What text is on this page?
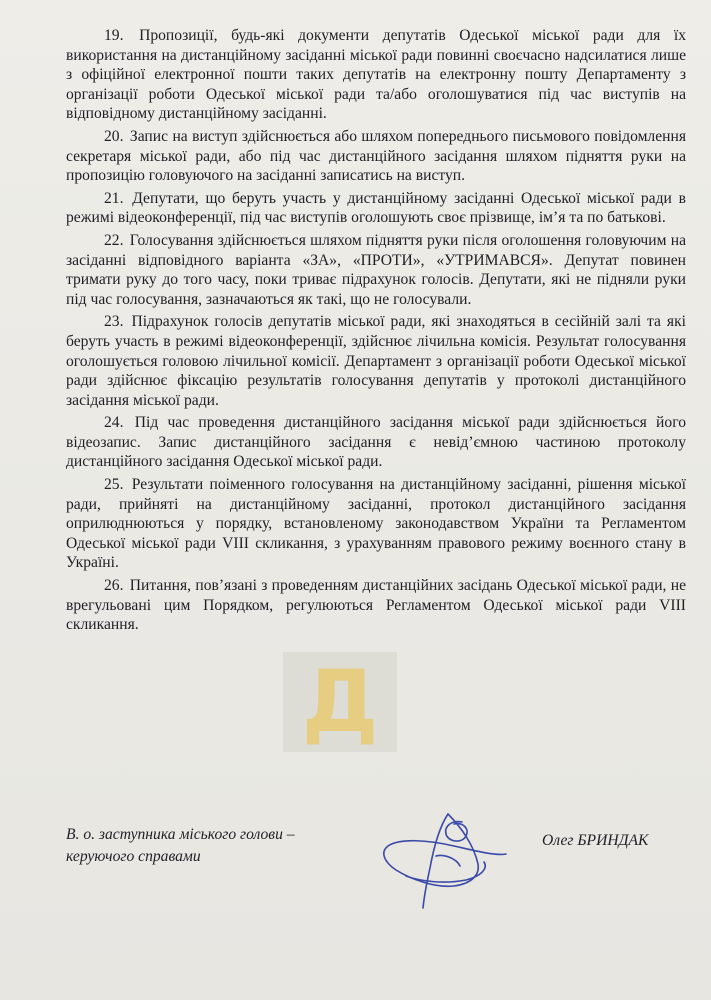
19. Пропозиції, будь-які документи депутатів Одеської міської ради для їх використання на дистанційному засіданні міської ради повинні своєчасно надсилатися лише з офіційної електронної пошти таких депутатів на електронну пошту Департаменту з організації роботи Одеської міської ради та/або оголошуватися під час виступів на відповідному дистанційному засіданні.

20. Запис на виступ здійснюється або шляхом попереднього письмового повідомлення секретаря міської ради, або під час дистанційного засідання шляхом підняття руки на пропозицію головуючого на засіданні записатись на виступ.

21. Депутати, що беруть участь у дистанційному засіданні Одеської міської ради в режимі відеоконференції, під час виступів оголошують своє прізвище, ім’я та по батькові.

22. Голосування здійснюється шляхом підняття руки після оголошення головуючим на засіданні відповідного варіанта «ЗА», «ПРОТИ», «УТРИМАВСЯ». Депутат повинен тримати руку до того часу, поки триває підрахунок голосів. Депутати, які не підняли руки під час голосування, зазначаються як такі, що не голосували.

23. Підрахунок голосів депутатів міської ради, які знаходяться в сесійній залі та які беруть участь в режимі відеоконференції, здійснює лічильна комісія. Результат голосування оголошується головою лічильної комісії. Департамент з організації роботи Одеської міської ради здійснює фіксацію результатів голосування депутатів у протоколі дистанційного засідання міської ради.

24. Під час проведення дистанційного засідання міської ради здійснюється його відеозапис. Запис дистанційного засідання є невід’ємною частиною протоколу дистанційного засідання Одеської міської ради.

25. Результати поіменного голосування на дистанційному засіданні, рішення міської ради, прийняті на дистанційному засіданні, протокол дистанційного засідання оприлюднюються у порядку, встановленому законодавством України та Регламентом Одеської міської ради VIII скликання, з урахуванням правового режиму воєнного стану в Україні.

26. Питання, пов’язані з проведенням дистанційних засідань Одеської міської ради, не врегульовані цим Порядком, регулюються Регламентом Одеської міської ради VIII скликання.

Д
В. о. заступника міського голови –
керуючого справами
Олег БРИНДАК
